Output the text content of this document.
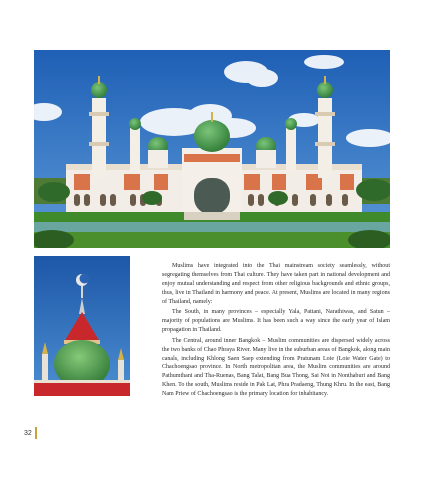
·

Muslims have integrated into the Thai mainstream society seamlessly, without segregating themselves from Thai culture. They have taken part in national development and enjoy mutual understanding and respect from other religious backgrounds and ethnic groups, thus, live in Thailand in harmony and peace. At present, Muslims are located in many regions of Thailand, namely:

The South, in many provinces – especially Yala, Pattani, Narathiwas, and Satun – majority of populations are Muslims. It has been such a way since the early year of Islam propagation in Thailand.

The Central, around inner Bangkok – Muslim communities are dispersed widely across the two banks of Chao Phraya River. Many live in the suburban areas of Bangkok, along main canals, including Khlong Saen Saep extending from Pratunam Loie (Loie Water Gate) to Chachoengsao province. In North metropolitan area, the Muslim communities are around Pathumthani and Tha-Ruenas, Bang Talat, Bang Bua Thong, Sai Noi in Nonthaburi and Bang Khen. To the south, Muslims reside in Pak Lat, Phra Pradaeng, Thung Khru. In the east, Bang Nam Priew of Chachoengsao is the primary location for inhabitancy.

32
